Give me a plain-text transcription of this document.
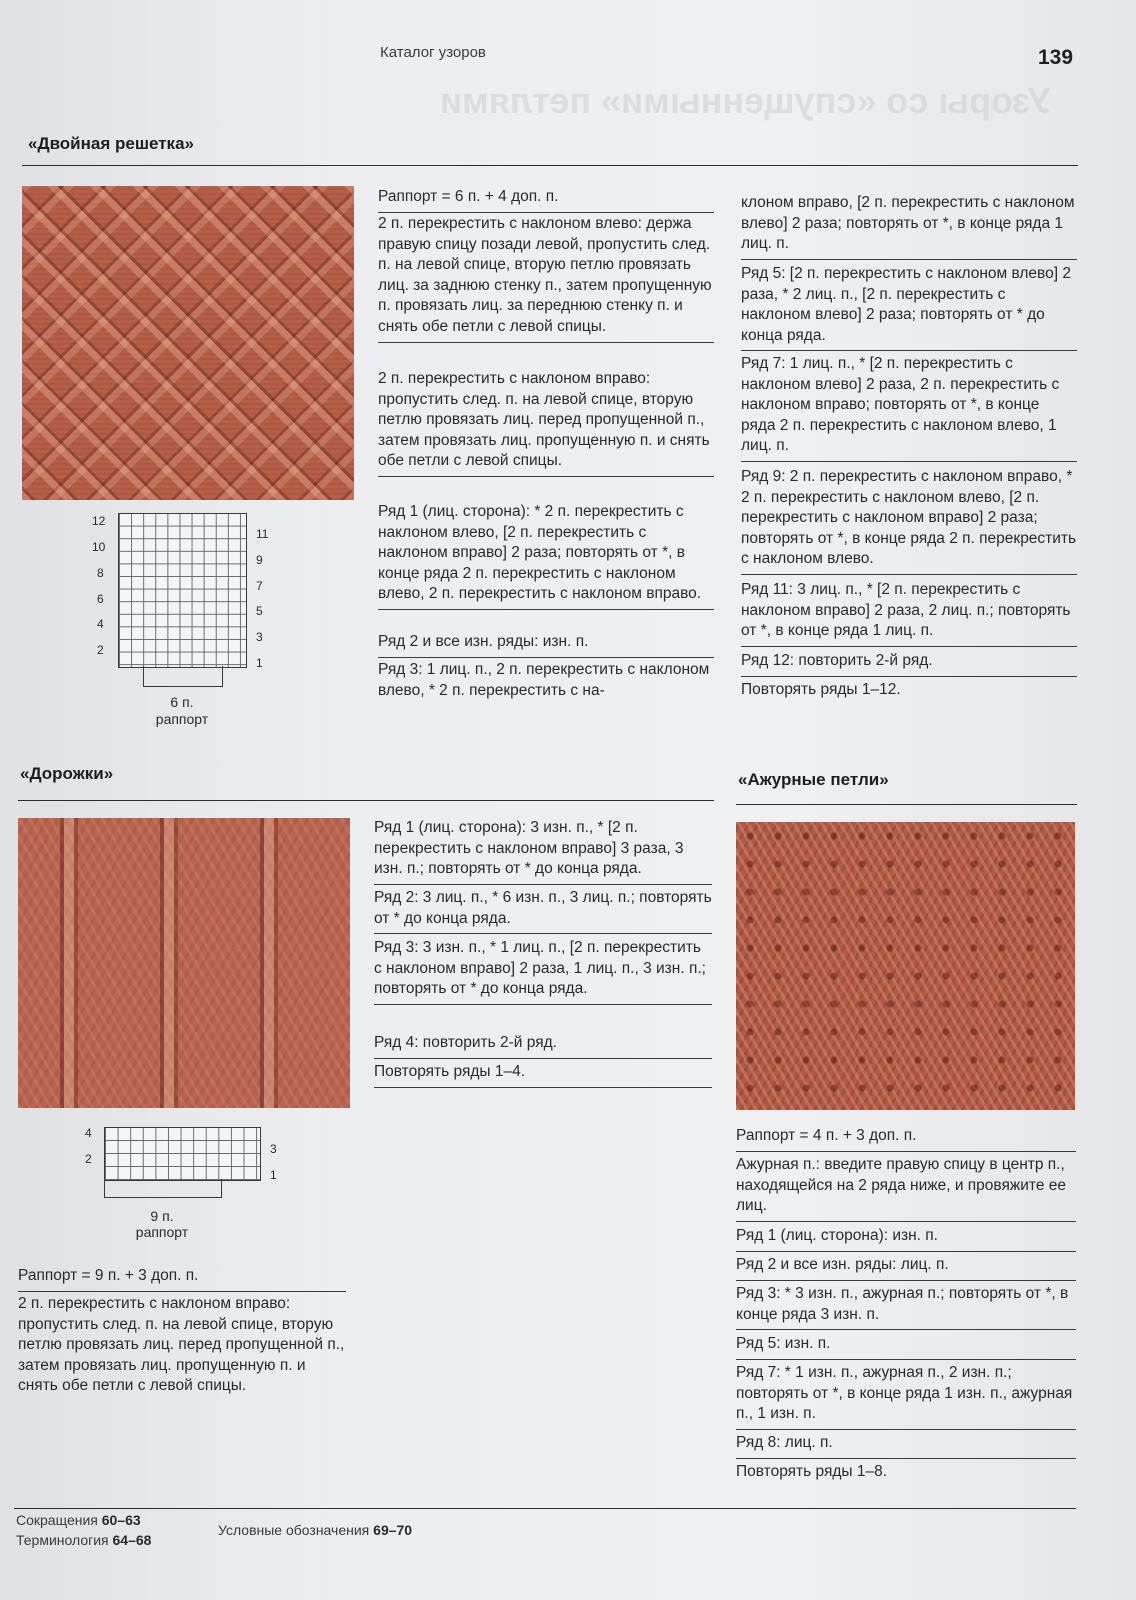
Узоры со «спущенными» петлями
Каталог узоров	139
«Двойная решетка»
12
10
8
6
4
2
11
9
7
5
3
1
6 п.
раппорт
Раппорт = 6 п. + 4 доп. п.
2 п. перекрестить с наклоном влево: держа правую спицу позади левой, пропустить след. п. на левой спице, вторую петлю провязать лиц. за заднюю стенку п., затем пропущенную п. провязать лиц. за переднюю стенку п. и снять обе петли с левой спицы.
2 п. перекрестить с наклоном вправо: пропустить след. п. на левой спице, вторую петлю провязать лиц. перед пропущенной п., затем провязать лиц. пропущенную п. и снять обе петли с левой спицы.
Ряд 1 (лиц. сторона): * 2 п. перекрестить с наклоном влево, [2 п. перекрестить с наклоном вправо] 2 раза; повторять от *, в конце ряда 2 п. перекрестить с наклоном влево, 2 п. перекрестить с наклоном вправо.
Ряд 2 и все изн. ряды: изн. п.
Ряд 3: 1 лиц. п., 2 п. перекрестить с наклоном влево, * 2 п. перекрестить с на-
клоном вправо, [2 п. перекрестить с наклоном влево] 2 раза; повторять от *, в конце ряда 1 лиц. п.
Ряд 5: [2 п. перекрестить с наклоном влево] 2 раза, * 2 лиц. п., [2 п. перекрестить с наклоном влево] 2 раза; повторять от * до конца ряда.
Ряд 7: 1 лиц. п., * [2 п. перекрестить с наклоном влево] 2 раза, 2 п. перекрестить с наклоном вправо; повторять от *, в конце ряда 2 п. перекрестить с наклоном влево, 1 лиц. п.
Ряд 9: 2 п. перекрестить с наклоном вправо, * 2 п. перекрестить с наклоном влево, [2 п. перекрестить с наклоном вправо] 2 раза; повторять от *, в конце ряда 2 п. перекрестить с наклоном влево.
Ряд 11: 3 лиц. п., * [2 п. перекрестить с наклоном вправо] 2 раза, 2 лиц. п.; повторять от *, в конце ряда 1 лиц. п.
Ряд 12: повторить 2-й ряд.
Повторять ряды 1–12.
«Дорожки»
4
2
3
1
9 п.
раппорт
Раппорт = 9 п. + 3 доп. п.
2 п. перекрестить с наклоном вправо: пропустить след. п. на левой спице, вторую петлю провязать лиц. перед пропущенной п., затем провязать лиц. пропущенную п. и снять обе петли с левой спицы.
Ряд 1 (лиц. сторона): 3 изн. п., * [2 п. перекрестить с наклоном вправо] 3 раза, 3 изн. п.; повторять от * до конца ряда.
Ряд 2: 3 лиц. п., * 6 изн. п., 3 лиц. п.; повторять от * до конца ряда.
Ряд 3: 3 изн. п., * 1 лиц. п., [2 п. перекрестить с наклоном вправо] 2 раза, 1 лиц. п., 3 изн. п.; повторять от * до конца ряда.
Ряд 4: повторить 2-й ряд.
Повторять ряды 1–4.
«Ажурные петли»
Раппорт = 4 п. + 3 доп. п.
Ажурная п.: введите правую спицу в центр п., находящейся на 2 ряда ниже, и провяжите ее лиц.
Ряд 1 (лиц. сторона): изн. п.
Ряд 2 и все изн. ряды: лиц. п.
Ряд 3: * 3 изн. п., ажурная п.; повторять от *, в конце ряда 3 изн. п.
Ряд 5: изн. п.
Ряд 7: * 1 изн. п., ажурная п., 2 изн. п.; повторять от *, в конце ряда 1 изн. п., ажурная п., 1 изн. п.
Ряд 8: лиц. п.
Повторять ряды 1–8.
Сокращения 60–63
Терминология 64–68
Условные обозначения 69–70
